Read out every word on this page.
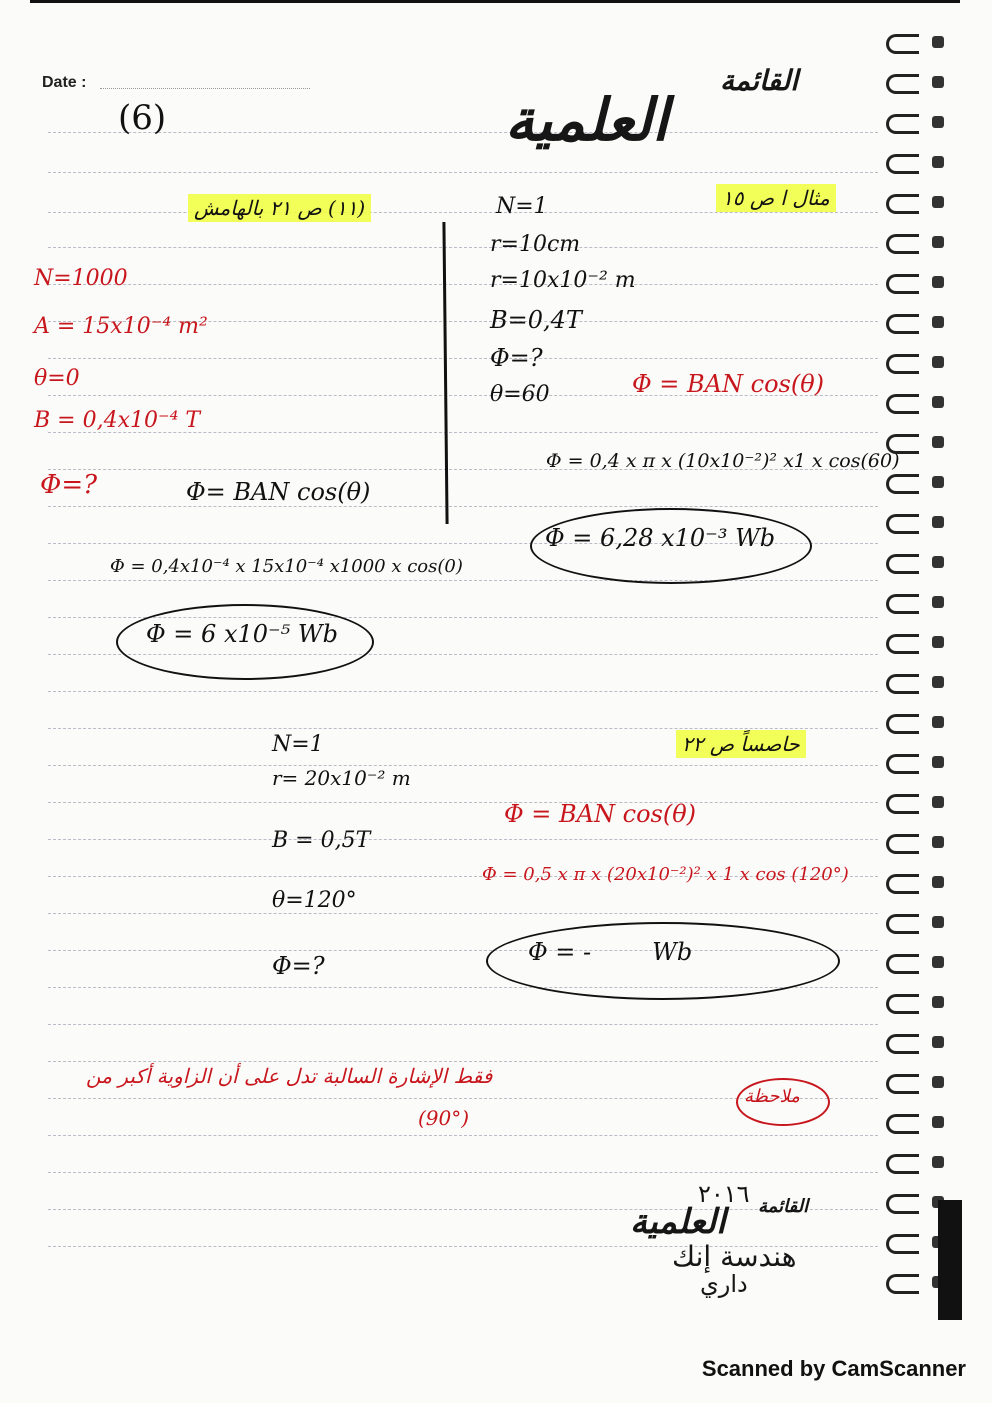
Date :
(6)
القائمة
العلمية
مثال ا ص ١٥
N=1
r=10cm
r=10x10⁻² m
B=0,4T
Φ=?
θ=60	Φ = BAN cos(θ)
Φ = 0,4 x π x (10x10⁻²)² x1 x cos(60)
Φ = 6,28 x10⁻³ Wb
(١١) ص ٢١ بالهامش
N=1000
A = 15x10⁻⁴ m²
θ=0
B = 0,4x10⁻⁴ T
Φ=?	Φ= BAN cos(θ)
Φ = 0,4x10⁻⁴ x 15x10⁻⁴ x1000 x cos(0)
Φ = 6 x10⁻⁵ Wb
حاصساً ص ٢٢
N=1
r= 20x10⁻² m
B = 0,5T
θ=120°
Φ=?
Φ = BAN cos(θ)
Φ = 0,5 x π x (20x10⁻²)² x 1 x cos (120°)
Φ = -        Wb
ملاحظة
فقط الإشارة السالبة تدل على أن الزاوية أكبر من
(90°)
٢٠١٦ القائمة
العلمية
هندسة إنك
داري
Scanned by CamScanner
